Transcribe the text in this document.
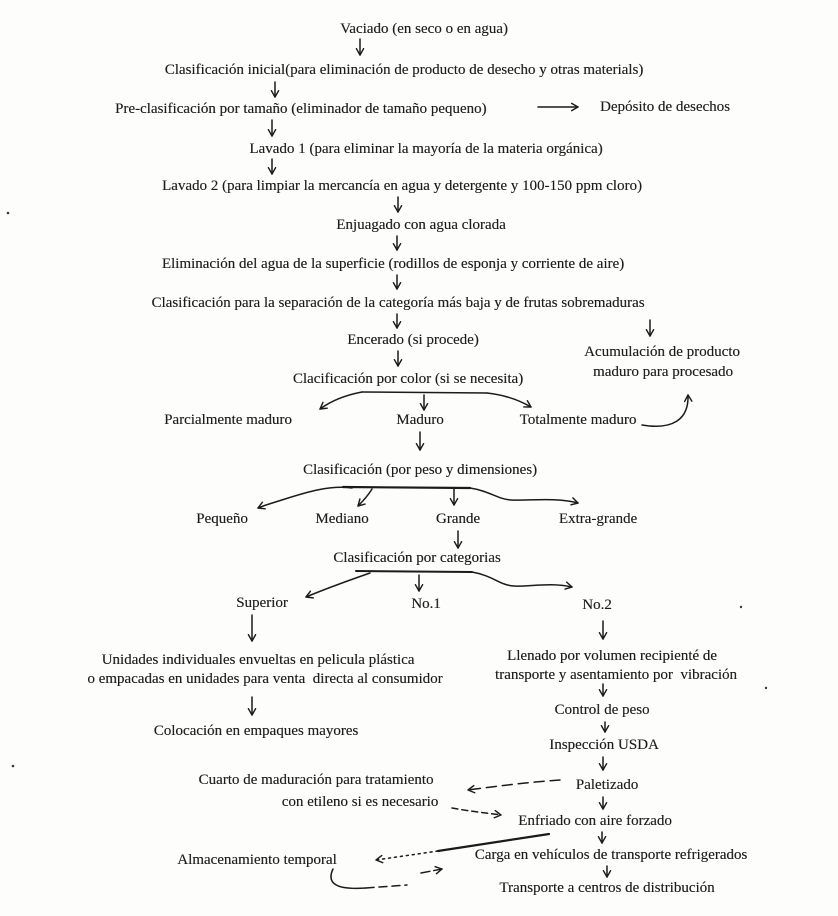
Vaciado (en seco o en agua)
Clasificación inicial(para eliminación de producto de desecho y otras materials)
Pre-clasificación por tamaño (eliminador de tamaño pequeno)	Depósito de desechos
Lavado 1 (para eliminar la mayoría de la materia orgánica)
Lavado 2 (para limpiar la mercancía en agua y detergente y 100-150 ppm cloro)
Enjuagado con agua clorada
Eliminación del agua de la superficie (rodillos de esponja y corriente de aire)
Clasificación para la separación de la categoría más baja y de frutas sobremaduras
Encerado (si procede)
Acumulación de producto
maduro para procesado
Clacificación por color (si se necesita)
Parcialmente maduro	Maduro	Totalmente maduro
Clasificación (por peso y dimensiones)
Pequeño	Mediano	Grande	Extra-grande
Clasificación por categorias
Superior	No.1	No.2
Unidades individuales envueltas en pelicula plástica
o empacadas en unidades para venta  directa al consumidor
Colocación en empaques mayores
Llenado por volumen recipienté de
transporte y asentamiento por  vibración
Control de peso
Inspección USDA
Cuarto de maduración para tratamiento
con etileno si es necesario
Paletizado
Enfriado con aire forzado
Almacenamiento temporal	Carga en vehículos de transporte refrigerados
Transporte a centros de distribución
